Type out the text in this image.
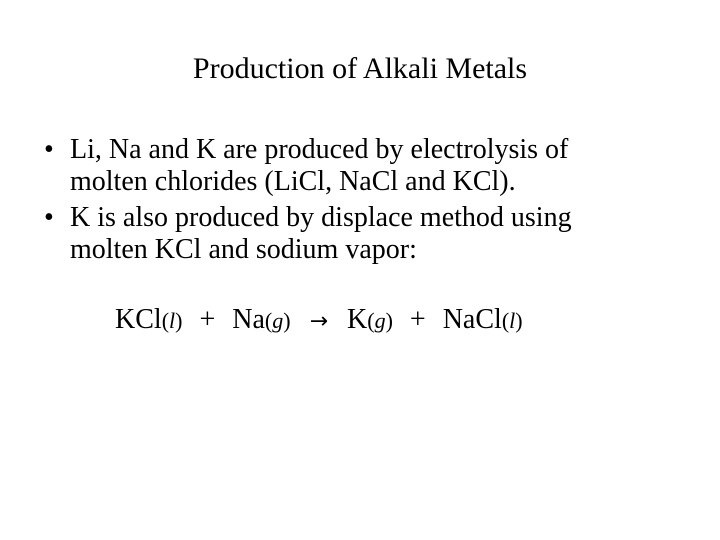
Production of Alkali Metals
• Li, Na and K are produced by electrolysis of
molten chlorides (LiCl, NaCl and KCl).
• K is also produced by displace method using
molten KCl and sodium vapor:
KCl(l) + Na(g) → K(g) + NaCl(l)
